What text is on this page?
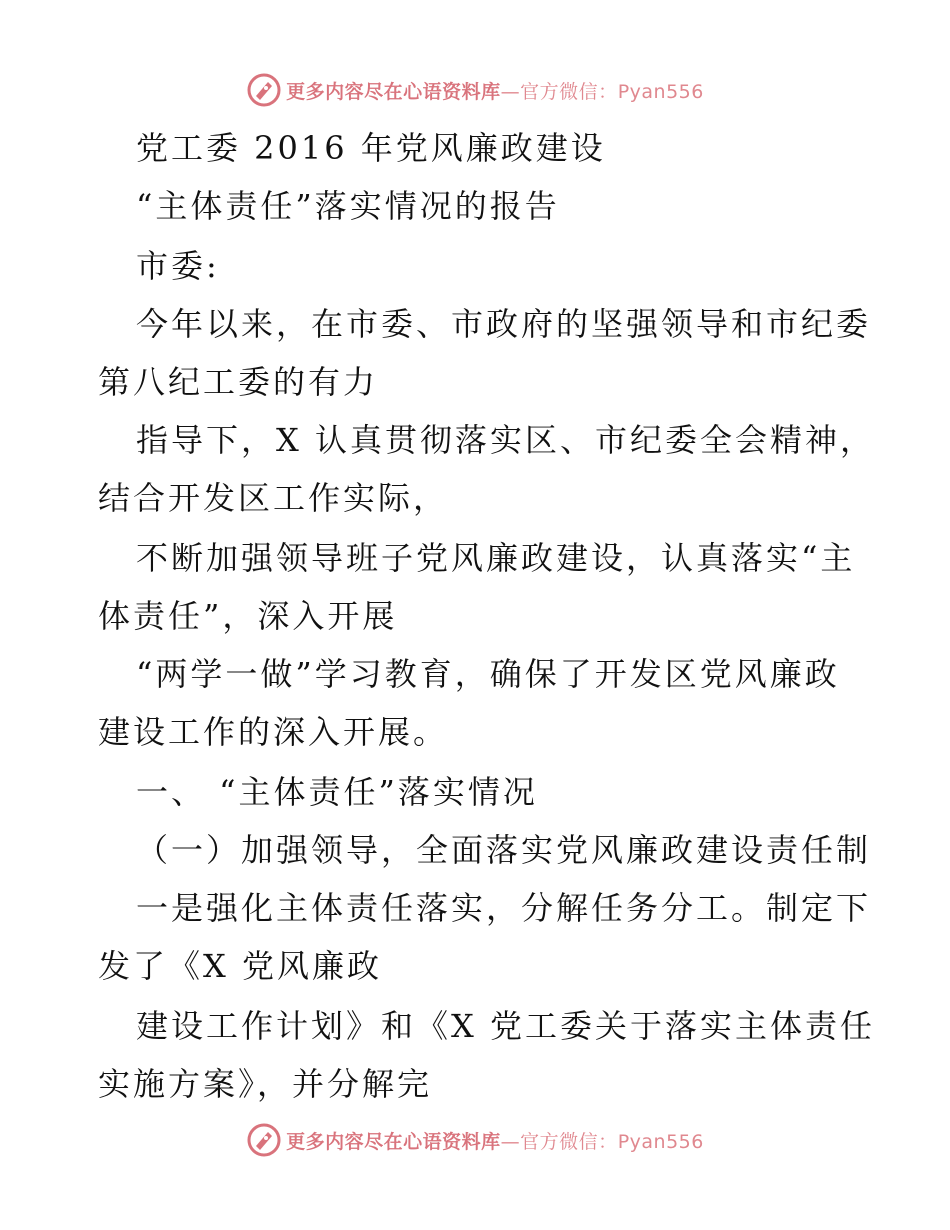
更多内容尽在心语资料库—官方微信：Pyan556
党工委 2016 年党风廉政建设
“主体责任”落实情况的报告
市委:
今年以来，在市委、市政府的坚强领导和市纪委
第八纪工委的有力
指导下，X 认真贯彻落实区、市纪委全会精神，
结合开发区工作实际，
不断加强领导班子党风廉政建设，认真落实“主
体责任”，深入开展
“两学一做”学习教育，确保了开发区党风廉政
建设工作的深入开展。
一、 “主体责任”落实情况
（一）加强领导，全面落实党风廉政建设责任制
一是强化主体责任落实，分解任务分工。制定下
发了《X 党风廉政
建设工作计划》和《X 党工委关于落实主体责任
实施方案》，并分解完
更多内容尽在心语资料库—官方微信：Pyan556
